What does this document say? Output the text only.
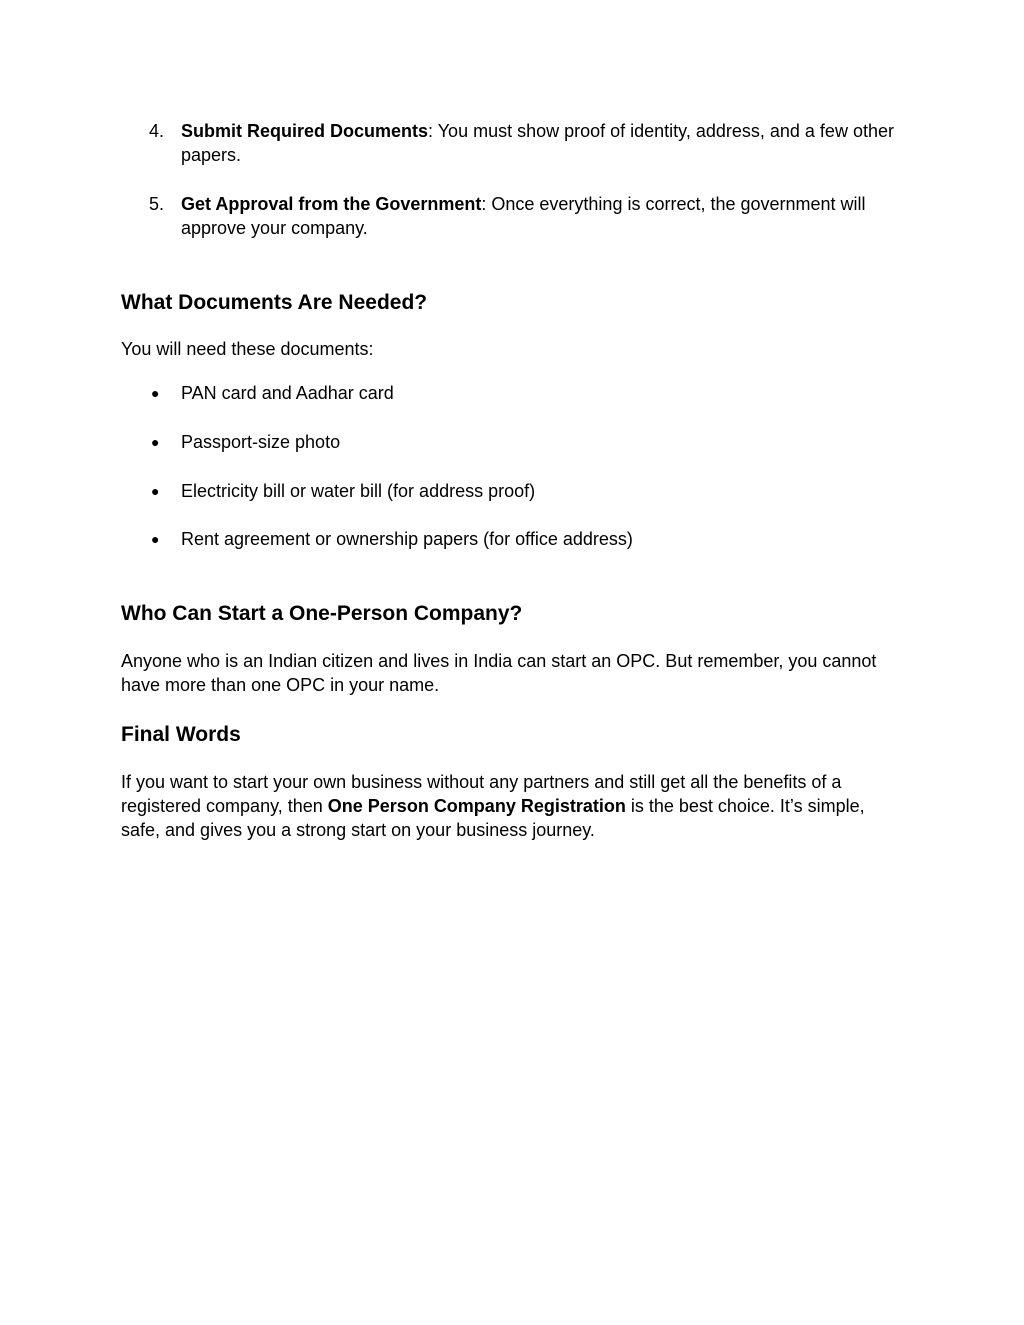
4. Submit Required Documents: You must show proof of identity, address, and a few other papers.
5. Get Approval from the Government: Once everything is correct, the government will approve your company.
What Documents Are Needed?
You will need these documents:
● PAN card and Aadhar card
● Passport-size photo
● Electricity bill or water bill (for address proof)
● Rent agreement or ownership papers (for office address)
Who Can Start a One-Person Company?
Anyone who is an Indian citizen and lives in India can start an OPC. But remember, you cannot have more than one OPC in your name.
Final Words
If you want to start your own business without any partners and still get all the benefits of a registered company, then One Person Company Registration is the best choice. It’s simple, safe, and gives you a strong start on your business journey.
